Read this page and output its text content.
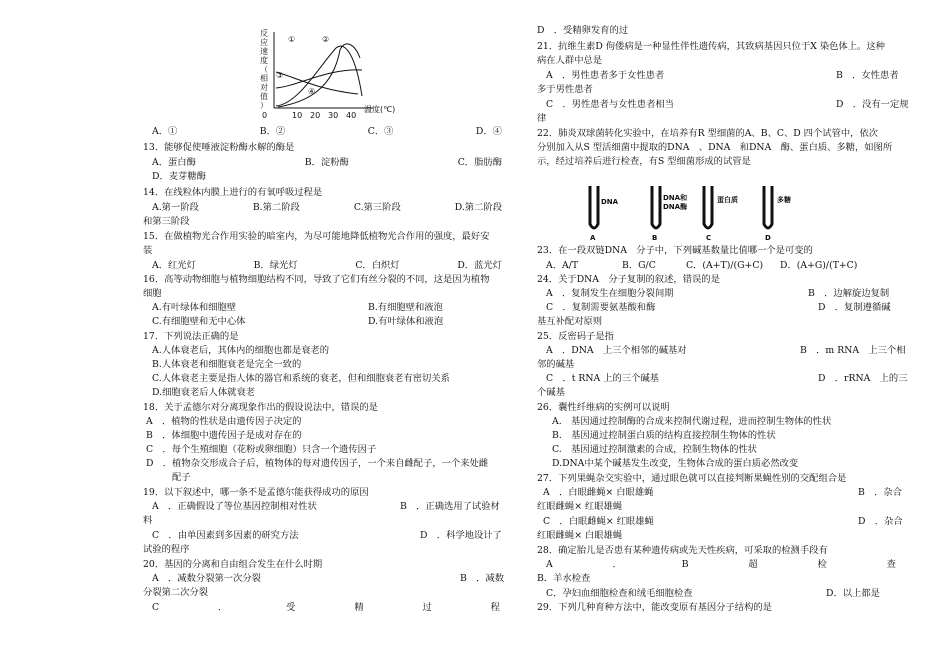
反
应
速
度
（
相
对
值
）
①	②
③
④
0	10 20 30 40
温度(℃)
A．①	B．②	C．③	D．④
13．能够促使唾液淀粉酶水解的酶是
A．蛋白酶	B．淀粉酶	C．脂肪酶
D．麦芽糖酶
14．在线粒体内膜上进行的有氧呼吸过程是
A.第一阶段	B.第二阶段	C.第三阶段	D.第二阶段
和第三阶段
15．在做植物光合作用实验的暗室内，为尽可能地降低植物光合作用的强度，最好安
装
A．红光灯	B．绿光灯	C．白炽灯	D．蓝光灯
16．高等动物细胞与植物细胞结构不同，导致了它们有丝分裂的不同，这是因为植物
细胞
A.有叶绿体和细胞壁	B.有细胞壁和液泡
C.有细胞壁和无中心体	D.有叶绿体和液泡
17．下列说法正确的是
A.人体衰老后，其体内的细胞也都是衰老的
B.人体衰老和细胞衰老是完全一致的
C.人体衰老主要是指人体的器官和系统的衰老，但和细胞衰老有密切关系
D.细胞衰老后人体就衰老
18．关于孟德尔对分离现象作出的假设说法中，错误的是
A　．植物的性状是由遗传因子决定的
B　．体细胞中遗传因子是成对存在的
C　．每个生殖细胞（花粉或卵细胞）只含一个遗传因子
D　．植物杂交形成合子后，植物体的每对遗传因子，一个来自雌配子，一个来处雌
配子
19．以下叙述中，哪一条不是孟德尔能获得成功的原因
A　．正确假设了等位基因控制相对性状	B　．正确选用了试验材
料
C　．由单因素到多因素的研究方法	D　．科学地设计了
试验的程序
20．基因的分离和自由组合发生在什么时期
A　．减数分裂第一次分裂	B　．减数
分裂第二次分裂
C	．	受	精	过	程
D　．受精卵发育的过
21．抗维生素D 佝偻病是一种显性伴性遗传病，其致病基因只位于X 染色体上。这种
病在人群中总是
A　．男性患者多于女性患者	B　．女性患者
多于男性患者
C　．男性患者与女性患者相当	D　．没有一定规
律
22．肺炎双球菌转化实验中，在培养有R 型细菌的A、B、C、D 四个试管中，依次
分别加入从S 型活细菌中提取的DNA　、DNA　和DNA　酶、蛋白质、多糖，如图所
示，经过培养后进行检查，有S 型细菌形成的试管是
DNA
A
DNA和
DNA酶
B
蛋白质
C
多糖
D
23．在一段双链DNA　分子中，下列碱基数量比值哪一个是可变的
A．A/T	B．G/C	C．(A+T)/(G+C) D．(A+G)/(T+C)
24．关于DNA　分子复制的叙述，错误的是
A　．复制发生在细胞分裂间期	B　．边解旋边复制
C　．复制需要氨基酸和酶	D　．复制遵循碱
基互补配对原则
25．反密码子是指
A　．DNA　上三个相邻的碱基对	B　．m RNA　上三个相
邻的碱基
C　．t RNA 上的三个碱基	D　．rRNA　上的三
个碱基
26．囊性纤维病的实例可以说明
A.　基因通过控制酶的合成来控制代谢过程，进而控制生物体的性状
B.　基因通过控制蛋白质的结构直接控制生物体的性状
C.　基因通过控制激素的合成，控制生物体的性状
D.DNA中某个碱基发生改变，生物体合成的蛋白质必然改变
27．下列果蝇杂交实验中，通过眼色就可以直接判断果蝇性别的交配组合是
A　．白眼雌蝇× 白眼雄蝇	B　．杂合
红眼雌蝇× 红眼雄蝇
C　．白眼雌蝇× 红眼雄蝇	D　．杂合
红眼雌蝇× 白眼雄蝇
28．确定胎儿是否患有某种遗传病或先天性疾病，可采取的检测手段有
A	．	B	超	检	查
B．羊水检查
C．孕妇血细胞检查和绒毛细胞检查	D．以上都是
29．下列几种育种方法中，能改变原有基因分子结构的是
